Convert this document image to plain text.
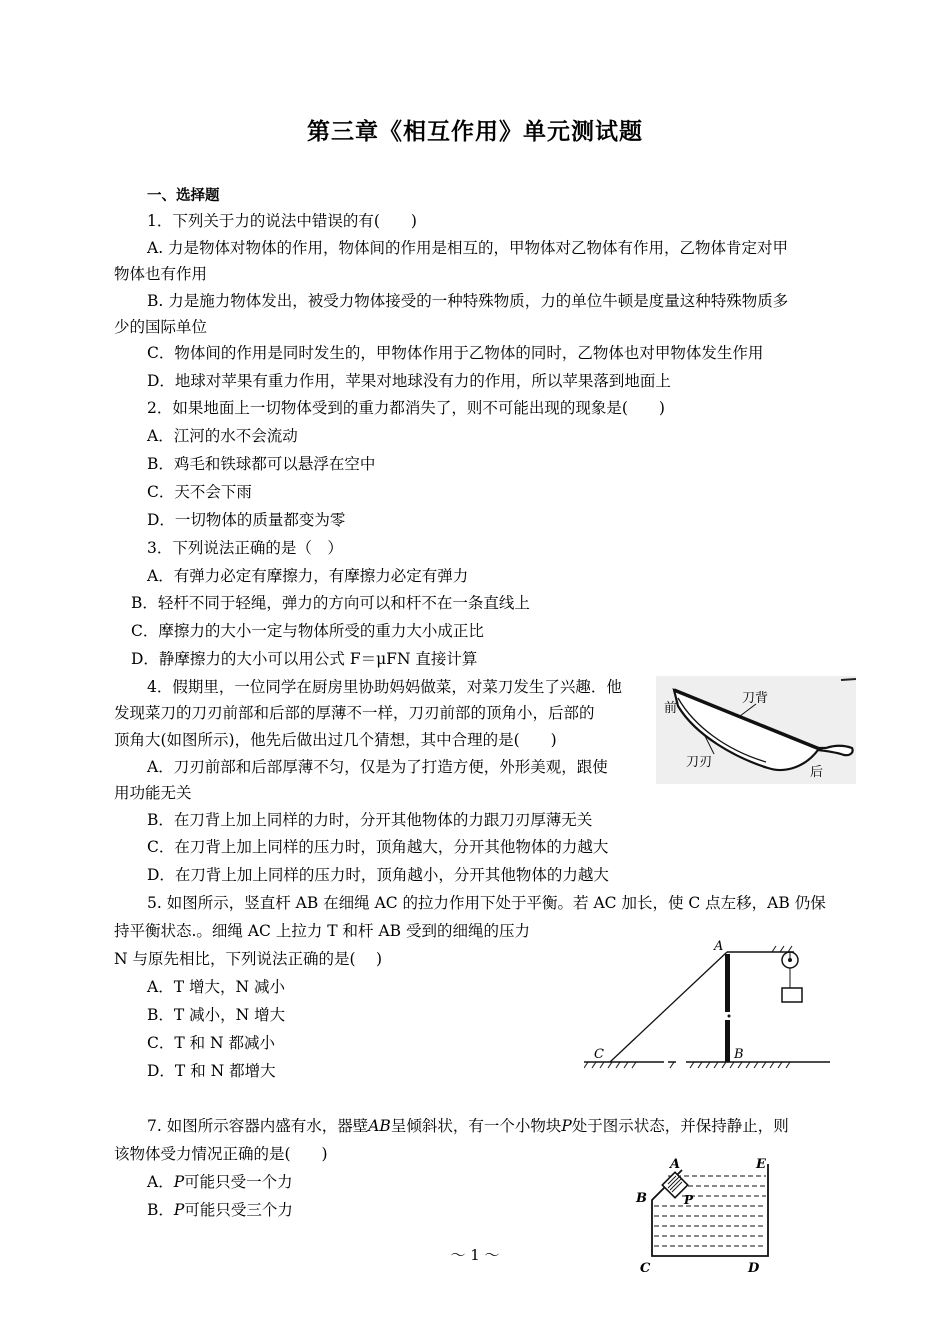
第三章《相互作用》单元测试题
一、选择题
1．下列关于力的说法中错误的有(　　)
A. 力是物体对物体的作用，物体间的作用是相互的，甲物体对乙物体有作用，乙物体肯定对甲
物体也有作用
B. 力是施力物体发出，被受力物体接受的一种特殊物质，力的单位牛顿是度量这种特殊物质多
少的国际单位
C．物体间的作用是同时发生的，甲物体作用于乙物体的同时，乙物体也对甲物体发生作用
D．地球对苹果有重力作用，苹果对地球没有力的作用，所以苹果落到地面上
2．如果地面上一切物体受到的重力都消失了，则不可能出现的现象是(　　)
A．江河的水不会流动
B．鸡毛和铁球都可以悬浮在空中
C．天不会下雨
D．一切物体的质量都变为零
3．下列说法正确的是（　）
A．有弹力必定有摩擦力，有摩擦力必定有弹力
B．轻杆不同于轻绳，弹力的方向可以和杆不在一条直线上
C．摩擦力的大小一定与物体所受的重力大小成正比
D．静摩擦力的大小可以用公式 F＝μFN 直接计算
4．假期里，一位同学在厨房里协助妈妈做菜，对菜刀发生了兴趣．他
发现菜刀的刀刃前部和后部的厚薄不一样，刀刃前部的顶角小，后部的
顶角大(如图所示)，他先后做出过几个猜想，其中合理的是(　　)
A．刀刃前部和后部厚薄不匀，仅是为了打造方便，外形美观，跟使
用功能无关
B．在刀背上加上同样的力时，分开其他物体的力跟刀刃厚薄无关
C．在刀背上加上同样的压力时，顶角越大，分开其他物体的力越大
D．在刀背上加上同样的压力时，顶角越小，分开其他物体的力越大
前
刀背
刀刃
后
5. 如图所示，竖直杆 AB 在细绳 AC 的拉力作用下处于平衡。若 AC 加长，使 C 点左移，AB 仍保
持平衡状态.。细绳 AC 上拉力 T 和杆 AB 受到的细绳的压力
N 与原先相比，下列说法正确的是(　 )
A．T 增大，N 减小
B．T 减小，N 增大
C．T 和 N 都减小
D．T 和 N 都增大
A
B
C
7. 如图所示容器内盛有水，器壁AB呈倾斜状，有一个小物块P处于图示状态，并保持静止，则
该物体受力情况正确的是(　　)
A．P可能只受一个力
B．P可能只受三个力
A
B	P
E
C	D
～ 1 ～
